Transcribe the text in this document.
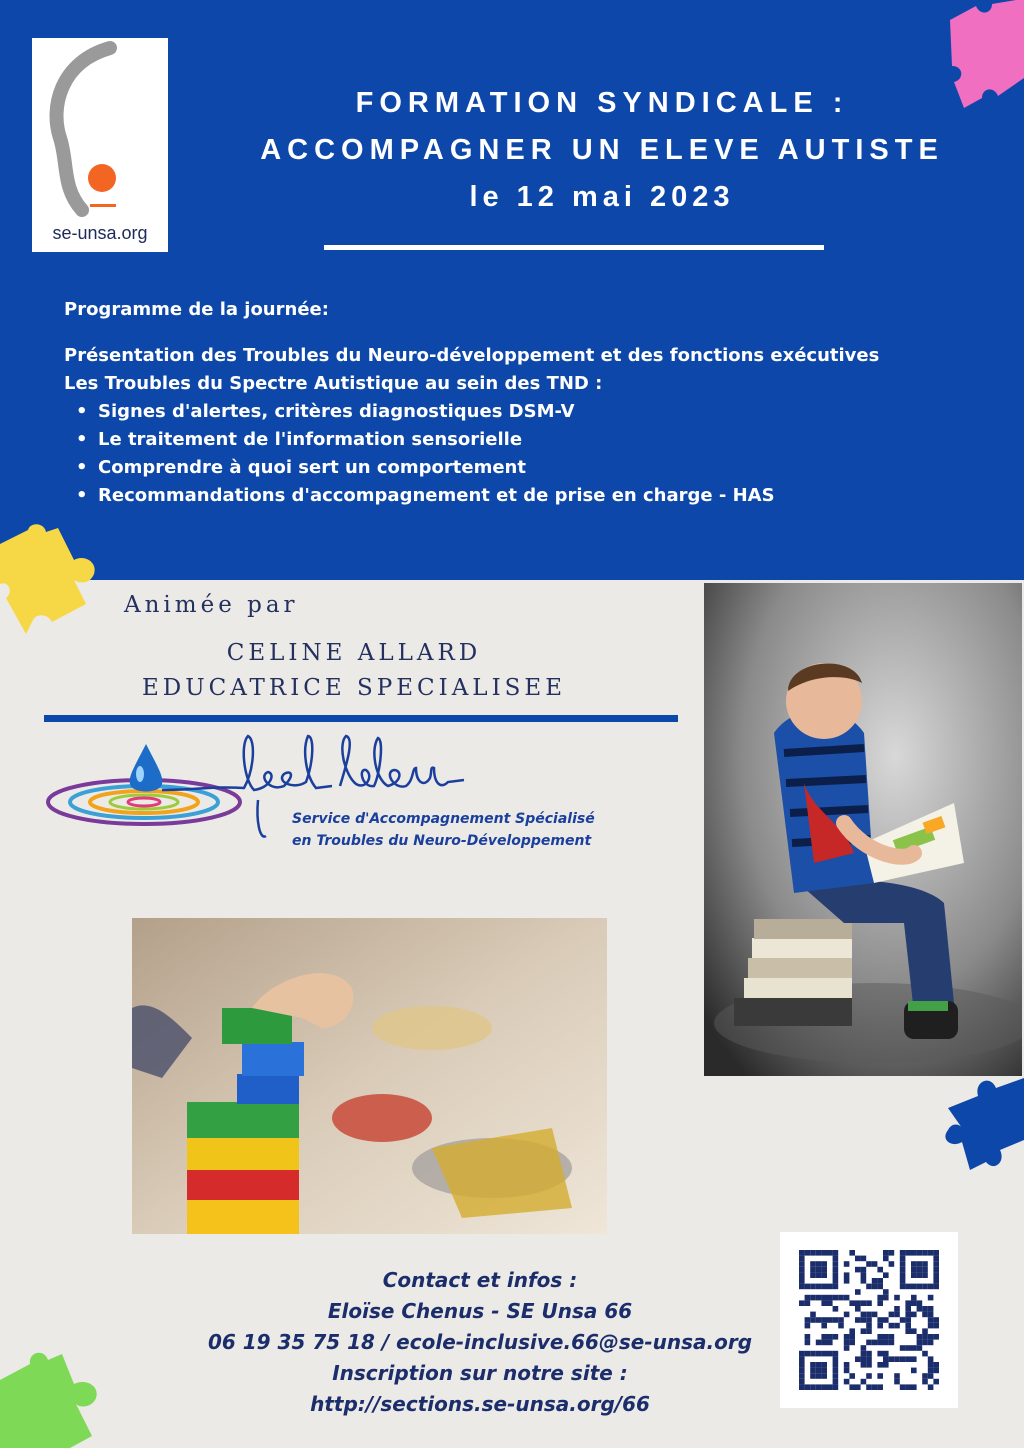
se-unsa.org
FORMATION SYNDICALE :
ACCOMPAGNER UN ELEVE AUTISTE
le 12 mai 2023
Programme de la journée:
Présentation des Troubles du Neuro-développement et des fonctions exécutives
Les Troubles du Spectre Autistique au sein des TND :
• Signes d'alertes, critères diagnostiques DSM-V
• Le traitement de l'information sensorielle
• Comprendre à quoi sert un comportement
• Recommandations d'accompagnement et de prise en charge - HAS
Animée par
CELINE ALLARD
EDUCATRICE SPECIALISEE
Service d'Accompagnement Spécialisé
en Troubles du Neuro-Développement
Contact et infos :
Eloïse Chenus - SE Unsa 66
06 19 35 75 18 / ecole-inclusive.66@se-unsa.org
Inscription sur notre site :
http://sections.se-unsa.org/66
